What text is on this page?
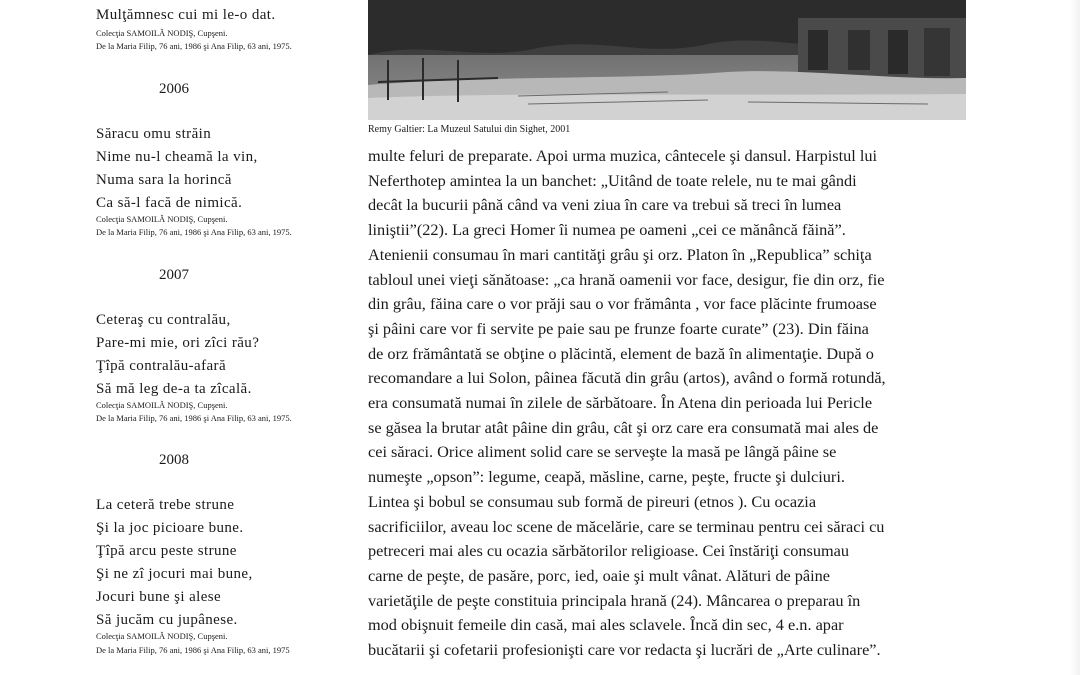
Mulţămnesc cui mi le-o dat.
Colecţia SAMOILĂ NODIŞ, Cupşeni.
De la Maria Filip, 76 ani, 1986 şi Ana Filip, 63 ani, 1975.
2006
Săracu omu străin
Nime nu-l cheamă la vin,
Numa sara la horincă
Ca să-l facă de nimică.
Colecţia SAMOILĂ NODIŞ, Cupşeni.
De la Maria Filip, 76 ani, 1986 şi Ana Filip, 63 ani, 1975.
2007
Ceteraş cu contralău,
Pare-mi mie, ori zîci rău?
Ţîpă contralău-afară
Să mă leg de-a ta zîcală.
Colecţia SAMOILĂ NODIŞ, Cupşeni.
De la Maria Filip, 76 ani, 1986 şi Ana Filip, 63 ani, 1975.
2008
La ceteră trebe strune
Şi la joc picioare bune.
Ţîpă arcu peste strune
Şi ne zî jocuri mai bune,
Jocuri bune şi alese
Să jucăm cu jupânese.
Colecţia SAMOILĂ NODIŞ, Cupşeni.
De la Maria Filip, 76 ani, 1986 şi Ana Filip, 63 ani, 1975
Remy Galtier: La Muzeul Satului din Sighet, 2001
multe feluri de preparate. Apoi urma muzica, cântecele şi dansul. Harpistul lui
Neferthotep amintea la un banchet: „Uitând de toate relele, nu te mai gândi
decât la bucurii până când va veni ziua în care va trebui să treci în lumea
liniştii”(22). La greci Homer îi numea pe oameni „cei ce mănâncă făină”.
Atenienii consumau în mari cantităţi grâu şi orz. Platon în „Republica” schiţa
tabloul unei vieţi sănătoase: „ca hrană oamenii vor face, desigur, fie din orz, fie
din grâu, făina care o vor prăji sau o vor frământa , vor face plăcinte frumoase
şi pâini care vor fi servite pe paie sau pe frunze foarte curate” (23). Din făina
de orz frământată se obţine o plăcintă, element de bază în alimentaţie. După o
recomandare a lui Solon, pâinea făcută din grâu (artos), având o formă rotundă,
era consumată numai în zilele de sărbătoare. În Atena din perioada lui Pericle
se găsea la brutar atât pâine din grâu, cât şi orz care era consumată mai ales de
cei săraci. Orice aliment solid care se serveşte la masă pe lângă pâine se
numeşte „opson”: legume, ceapă, măsline, carne, peşte, fructe şi dulciuri.
Lintea şi bobul se consumau sub formă de pireuri (etnos ). Cu ocazia
sacrificiilor, aveau loc scene de măcelărie, care se terminau pentru cei săraci cu
petreceri mai ales cu ocazia sărbătorilor religioase. Cei înstăriţi consumau
carne de peşte, de pasăre, porc, ied, oaie şi mult vânat. Alături de pâine
varietăţile de peşte constituia principala hrană (24). Mâncarea o preparau în
mod obişnuit femeile din casă, mai ales sclavele. Încă din sec, 4 e.n. apar
bucătarii şi cofetarii profesionişti care vor redacta şi lucrări de „Arte culinare”.
